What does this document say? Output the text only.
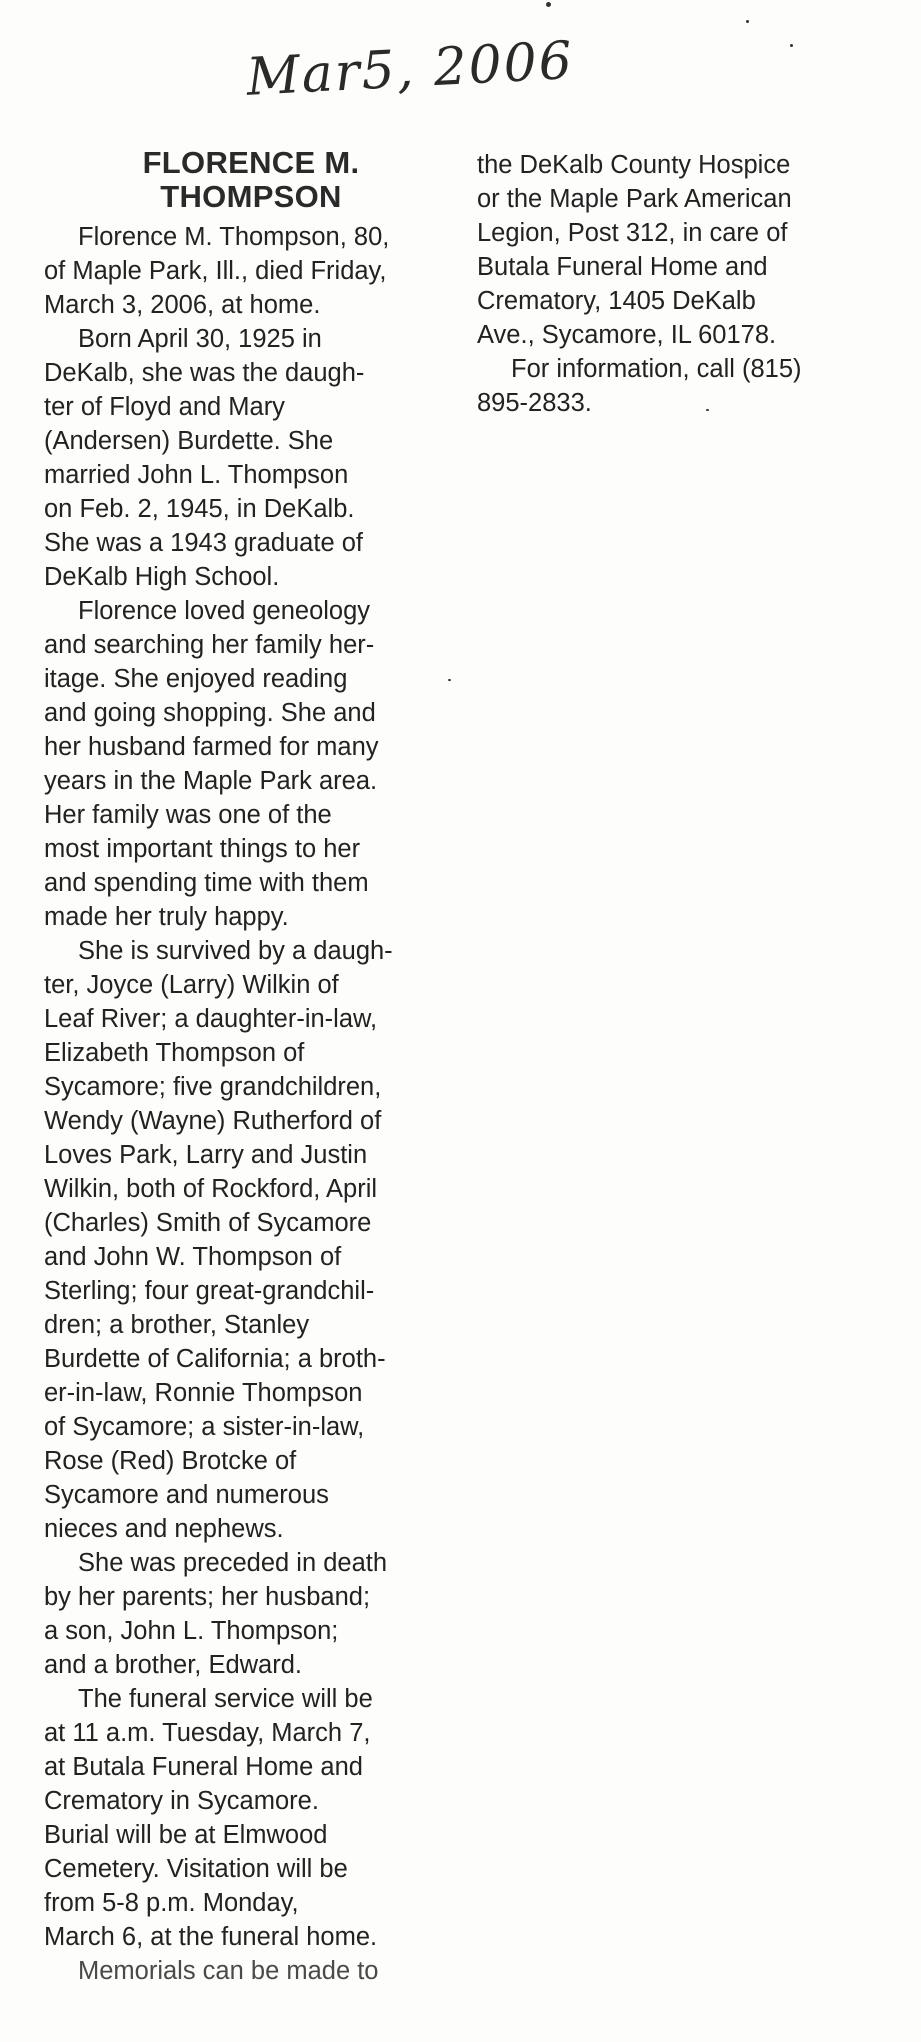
Mar5, 2006
FLORENCE M.
THOMPSON

Florence M. Thompson, 80,
of Maple Park, Ill., died Friday,
March 3, 2006, at home.

Born April 30, 1925 in
DeKalb, she was the daugh-
ter of Floyd and Mary
(Andersen) Burdette. She
married John L. Thompson
on Feb. 2, 1945, in DeKalb.
She was a 1943 graduate of
DeKalb High School.

Florence loved geneology
and searching her family her-
itage. She enjoyed reading
and going shopping. She and
her husband farmed for many
years in the Maple Park area.
Her family was one of the
most important things to her
and spending time with them
made her truly happy.

She is survived by a daugh-
ter, Joyce (Larry) Wilkin of
Leaf River; a daughter-in-law,
Elizabeth Thompson of
Sycamore; five grandchildren,
Wendy (Wayne) Rutherford of
Loves Park, Larry and Justin
Wilkin, both of Rockford, April
(Charles) Smith of Sycamore
and John W. Thompson of
Sterling; four great-grandchil-
dren; a brother, Stanley
Burdette of California; a broth-
er-in-law, Ronnie Thompson
of Sycamore; a sister-in-law,
Rose (Red) Brotcke of
Sycamore and numerous
nieces and nephews.

She was preceded in death
by her parents; her husband;
a son, John L. Thompson;
and a brother, Edward.

The funeral service will be
at 11 a.m. Tuesday, March 7,
at Butala Funeral Home and
Crematory in Sycamore.
Burial will be at Elmwood
Cemetery. Visitation will be
from 5-8 p.m. Monday,
March 6, at the funeral home.

Memorials can be made to

the DeKalb County Hospice
or the Maple Park American
Legion, Post 312, in care of
Butala Funeral Home and
Crematory, 1405 DeKalb
Ave., Sycamore, IL 60178.

For information, call (815)
895-2833.
